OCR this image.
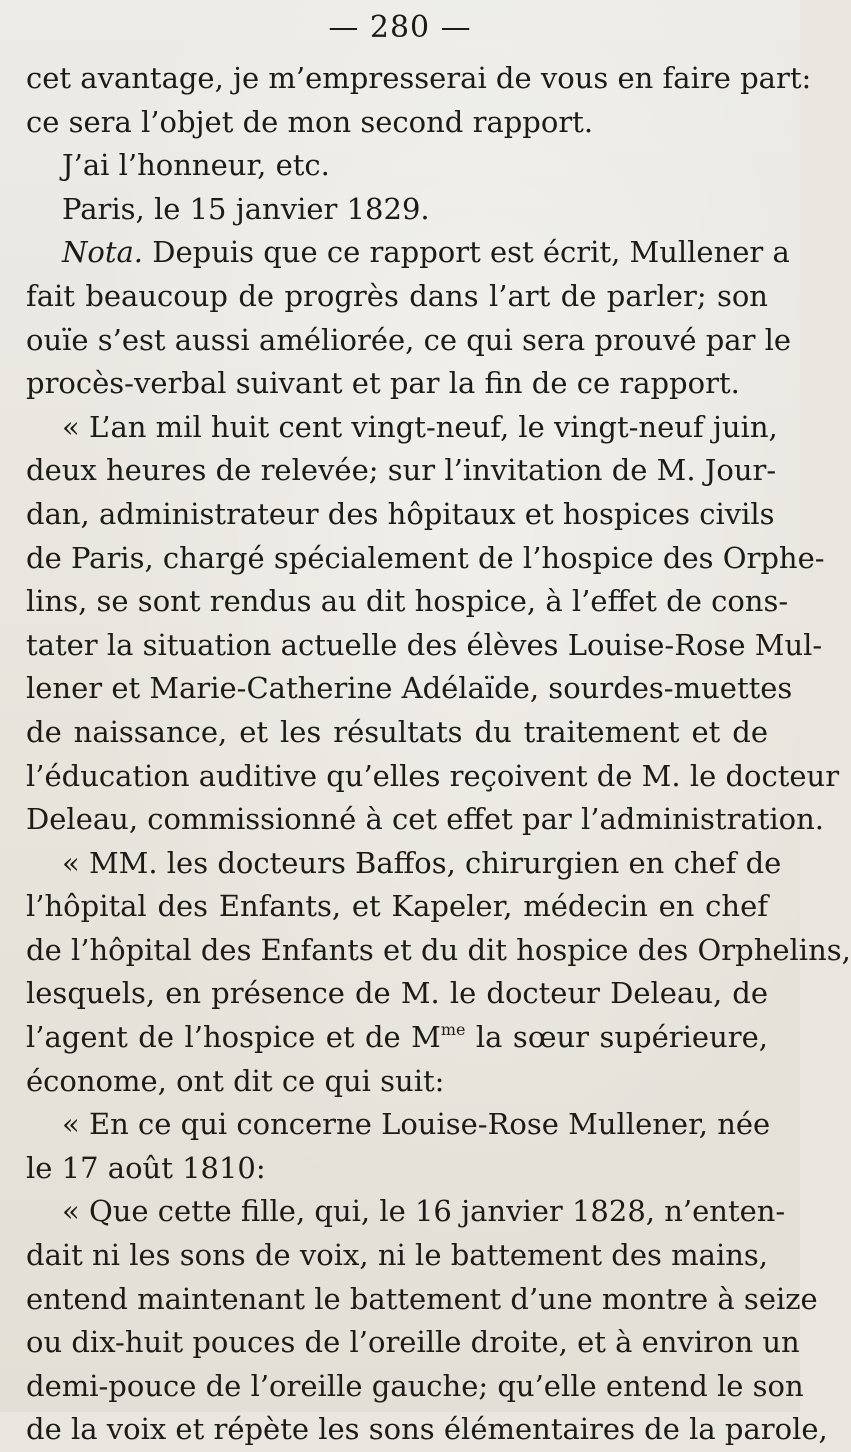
— 280 —
cet avantage, je m’empresserai de vous en faire part:
ce sera l’objet de mon second rapport.
J’ai l’honneur, etc.
Paris, le 15 janvier 1829.
Nota. Depuis que ce rapport est écrit, Mullener a
fait beaucoup de progrès dans l’art de parler; son
ouïe s’est aussi améliorée, ce qui sera prouvé par le
procès-verbal suivant et par la fin de ce rapport.
« L’an mil huit cent vingt-neuf, le vingt-neuf juin,
deux heures de relevée; sur l’invitation de M. Jour-
dan, administrateur des hôpitaux et hospices civils
de Paris, chargé spécialement de l’hospice des Orphe-
lins, se sont rendus au dit hospice, à l’effet de cons-
tater la situation actuelle des élèves Louise-Rose Mul-
lener et Marie-Catherine Adélaïde, sourdes-muettes
de naissance, et les résultats du traitement et de
l’éducation auditive qu’elles reçoivent de M. le docteur
Deleau, commissionné à cet effet par l’administration.
« MM. les docteurs Baffos, chirurgien en chef de
l’hôpital des Enfants, et Kapeler, médecin en chef
de l’hôpital des Enfants et du dit hospice des Orphelins,
lesquels, en présence de M. le docteur Deleau, de
l’agent de l’hospice et de $M^{me}$ la sœur supérieure,
économe, ont dit ce qui suit:
« En ce qui concerne Louise-Rose Mullener, née
le 17 août 1810:
« Que cette fille, qui, le 16 janvier 1828, n’enten-
dait ni les sons de voix, ni le battement des mains,
entend maintenant le battement d’une montre à seize
ou dix-huit pouces de l’oreille droite, et à environ un
demi-pouce de l’oreille gauche; qu’elle entend le son
de la voix et répète les sons élémentaires de la parole,
